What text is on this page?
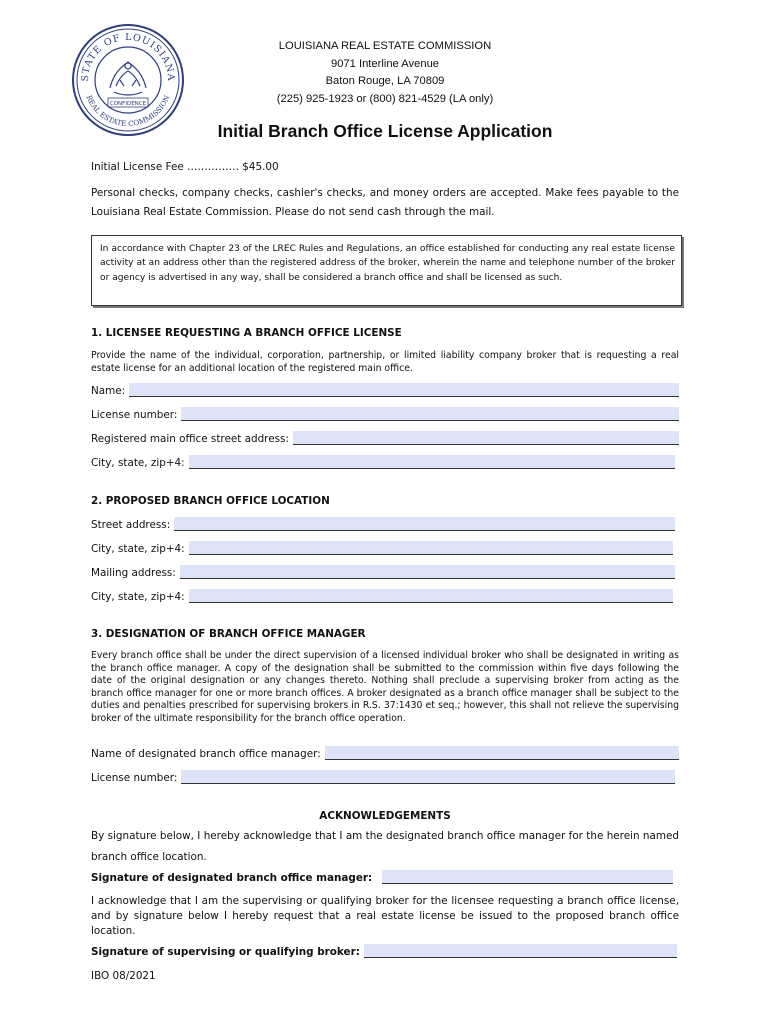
STATE OF LOUISIANA
REAL ESTATE COMMISSION
CONFIDENCE
LOUISIANA REAL ESTATE COMMISSION
9071 Interline Avenue
Baton Rouge, LA 70809
(225) 925-1923 or (800) 821-4529 (LA only)
Initial Branch Office License Application
Initial License Fee …………… $45.00
Personal checks, company checks, cashier's checks, and money orders are accepted. Make fees payable to the Louisiana Real Estate Commission. Please do not send cash through the mail.
In accordance with Chapter 23 of the LREC Rules and Regulations, an office established for conducting any real estate license activity at an address other than the registered address of the broker, wherein the name and telephone number of the broker or agency is advertised in any way, shall be considered a branch office and shall be licensed as such.
1. LICENSEE REQUESTING A BRANCH OFFICE LICENSE
Provide the name of the individual, corporation, partnership, or limited liability company broker that is requesting a real estate license for an additional location of the registered main office.
Name:
License number:
Registered main office street address:
City, state, zip+4:
2. PROPOSED BRANCH OFFICE LOCATION
Street address:
City, state, zip+4:
Mailing address:
City, state, zip+4:
3. DESIGNATION OF BRANCH OFFICE MANAGER
Every branch office shall be under the direct supervision of a licensed individual broker who shall be designated in writing as the branch office manager. A copy of the designation shall be submitted to the commission within five days following the date of the original designation or any changes thereto. Nothing shall preclude a supervising broker from acting as the branch office manager for one or more branch offices. A broker designated as a branch office manager shall be subject to the duties and penalties prescribed for supervising brokers in R.S. 37:1430 et seq.; however, this shall not relieve the supervising broker of the ultimate responsibility for the branch office operation.
Name of designated branch office manager:
License number:
ACKNOWLEDGEMENTS
By signature below, I hereby acknowledge that I am the designated branch office manager for the herein named branch office location.
Signature of designated branch office manager:
I acknowledge that I am the supervising or qualifying broker for the licensee requesting a branch office license, and by signature below I hereby request that a real estate license be issued to the proposed branch office location.
Signature of supervising or qualifying broker:
IBO 08/2021
